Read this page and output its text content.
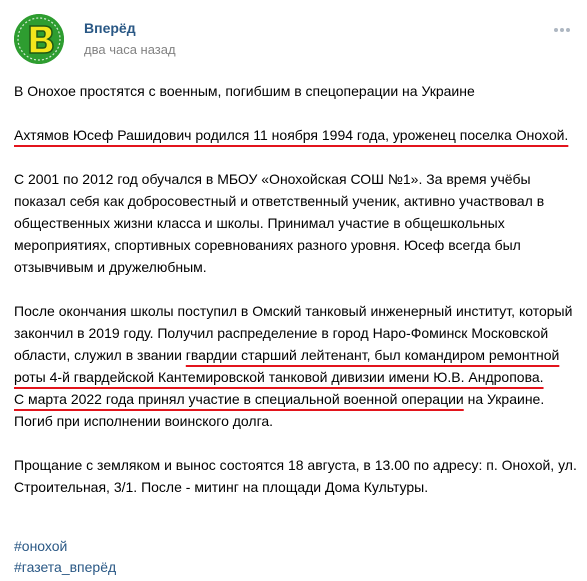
Вперёд
два часа назад

В Онохое простятся с военным, погибшим в спецоперации на Украине

Ахтямов Юсеф Рашидович родился 11 ноября 1994 года, уроженец поселка Онохой.

С 2001 по 2012 год обучался в МБОУ «Онохойская СОШ №1». За время учёбы показал себя как добросовестный и ответственный ученик, активно участвовал в общественных жизни класса и школы. Принимал участие в общешкольных мероприятиях, спортивных соревнованиях разного уровня. Юсеф всегда был отзывчивым и дружелюбным.

После окончания школы поступил в Омский танковый инженерный институт, который закончил в 2019 году. Получил распределение в город Наро-Фоминск Московской области, служил в звании гвардии старший лейтенант, был командиром ремонтной роты 4-й гвардейской Кантемировской танковой дивизии имени Ю.В. Андропова.
С марта 2022 года принял участие в специальной военной операции на Украине. Погиб при исполнении воинского долга.

Прощание с земляком и вынос состоятся 18 августа, в 13.00 по адресу: п. Онохой, ул. Строительная, 3/1. После - митинг на площади Дома Культуры.

#онохой
#газета_вперёд
